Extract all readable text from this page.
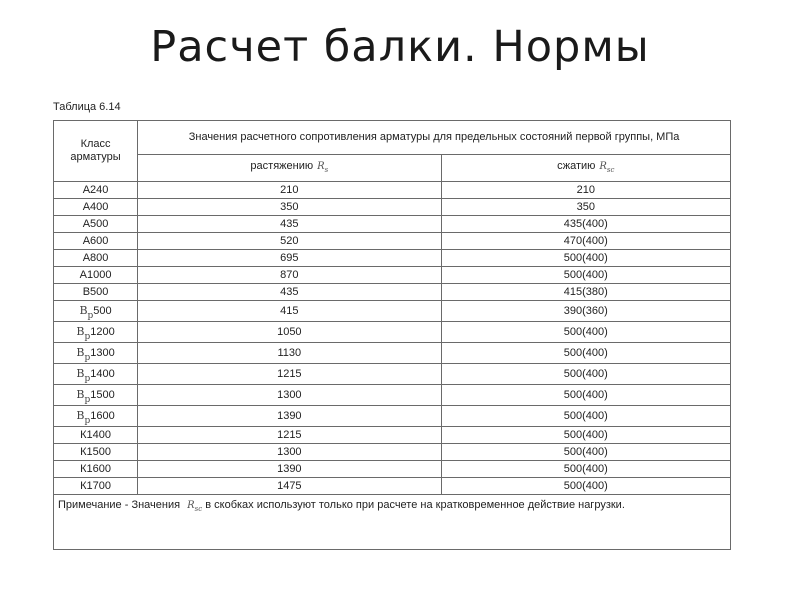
Расчет балки. Нормы
Таблица 6.14
Класс арматуры	Значения расчетного сопротивления арматуры для предельных состояний первой группы, МПа	
	растяжению $R_s$	сжатию $R_{sc}$
А240	210	210
А400	350	350
А500	435	435(400)
А600	520	470(400)
А800	695	500(400)
А1000	870	500(400)
В500	435	415(380)
$В_р500$	415	390(360)
$В_р1200$	1050	500(400)
$В_р1300$	1130	500(400)
$В_р1400$	1215	500(400)
$В_р1500$	1300	500(400)
$В_р1600$	1390	500(400)
К1400	1215	500(400)
К1500	1300	500(400)
К1600	1390	500(400)
К1700	1475	500(400)
Примечание - Значения $R_{sc}$ в скобках используют только при расчете на кратковременное действие нагрузки.		
